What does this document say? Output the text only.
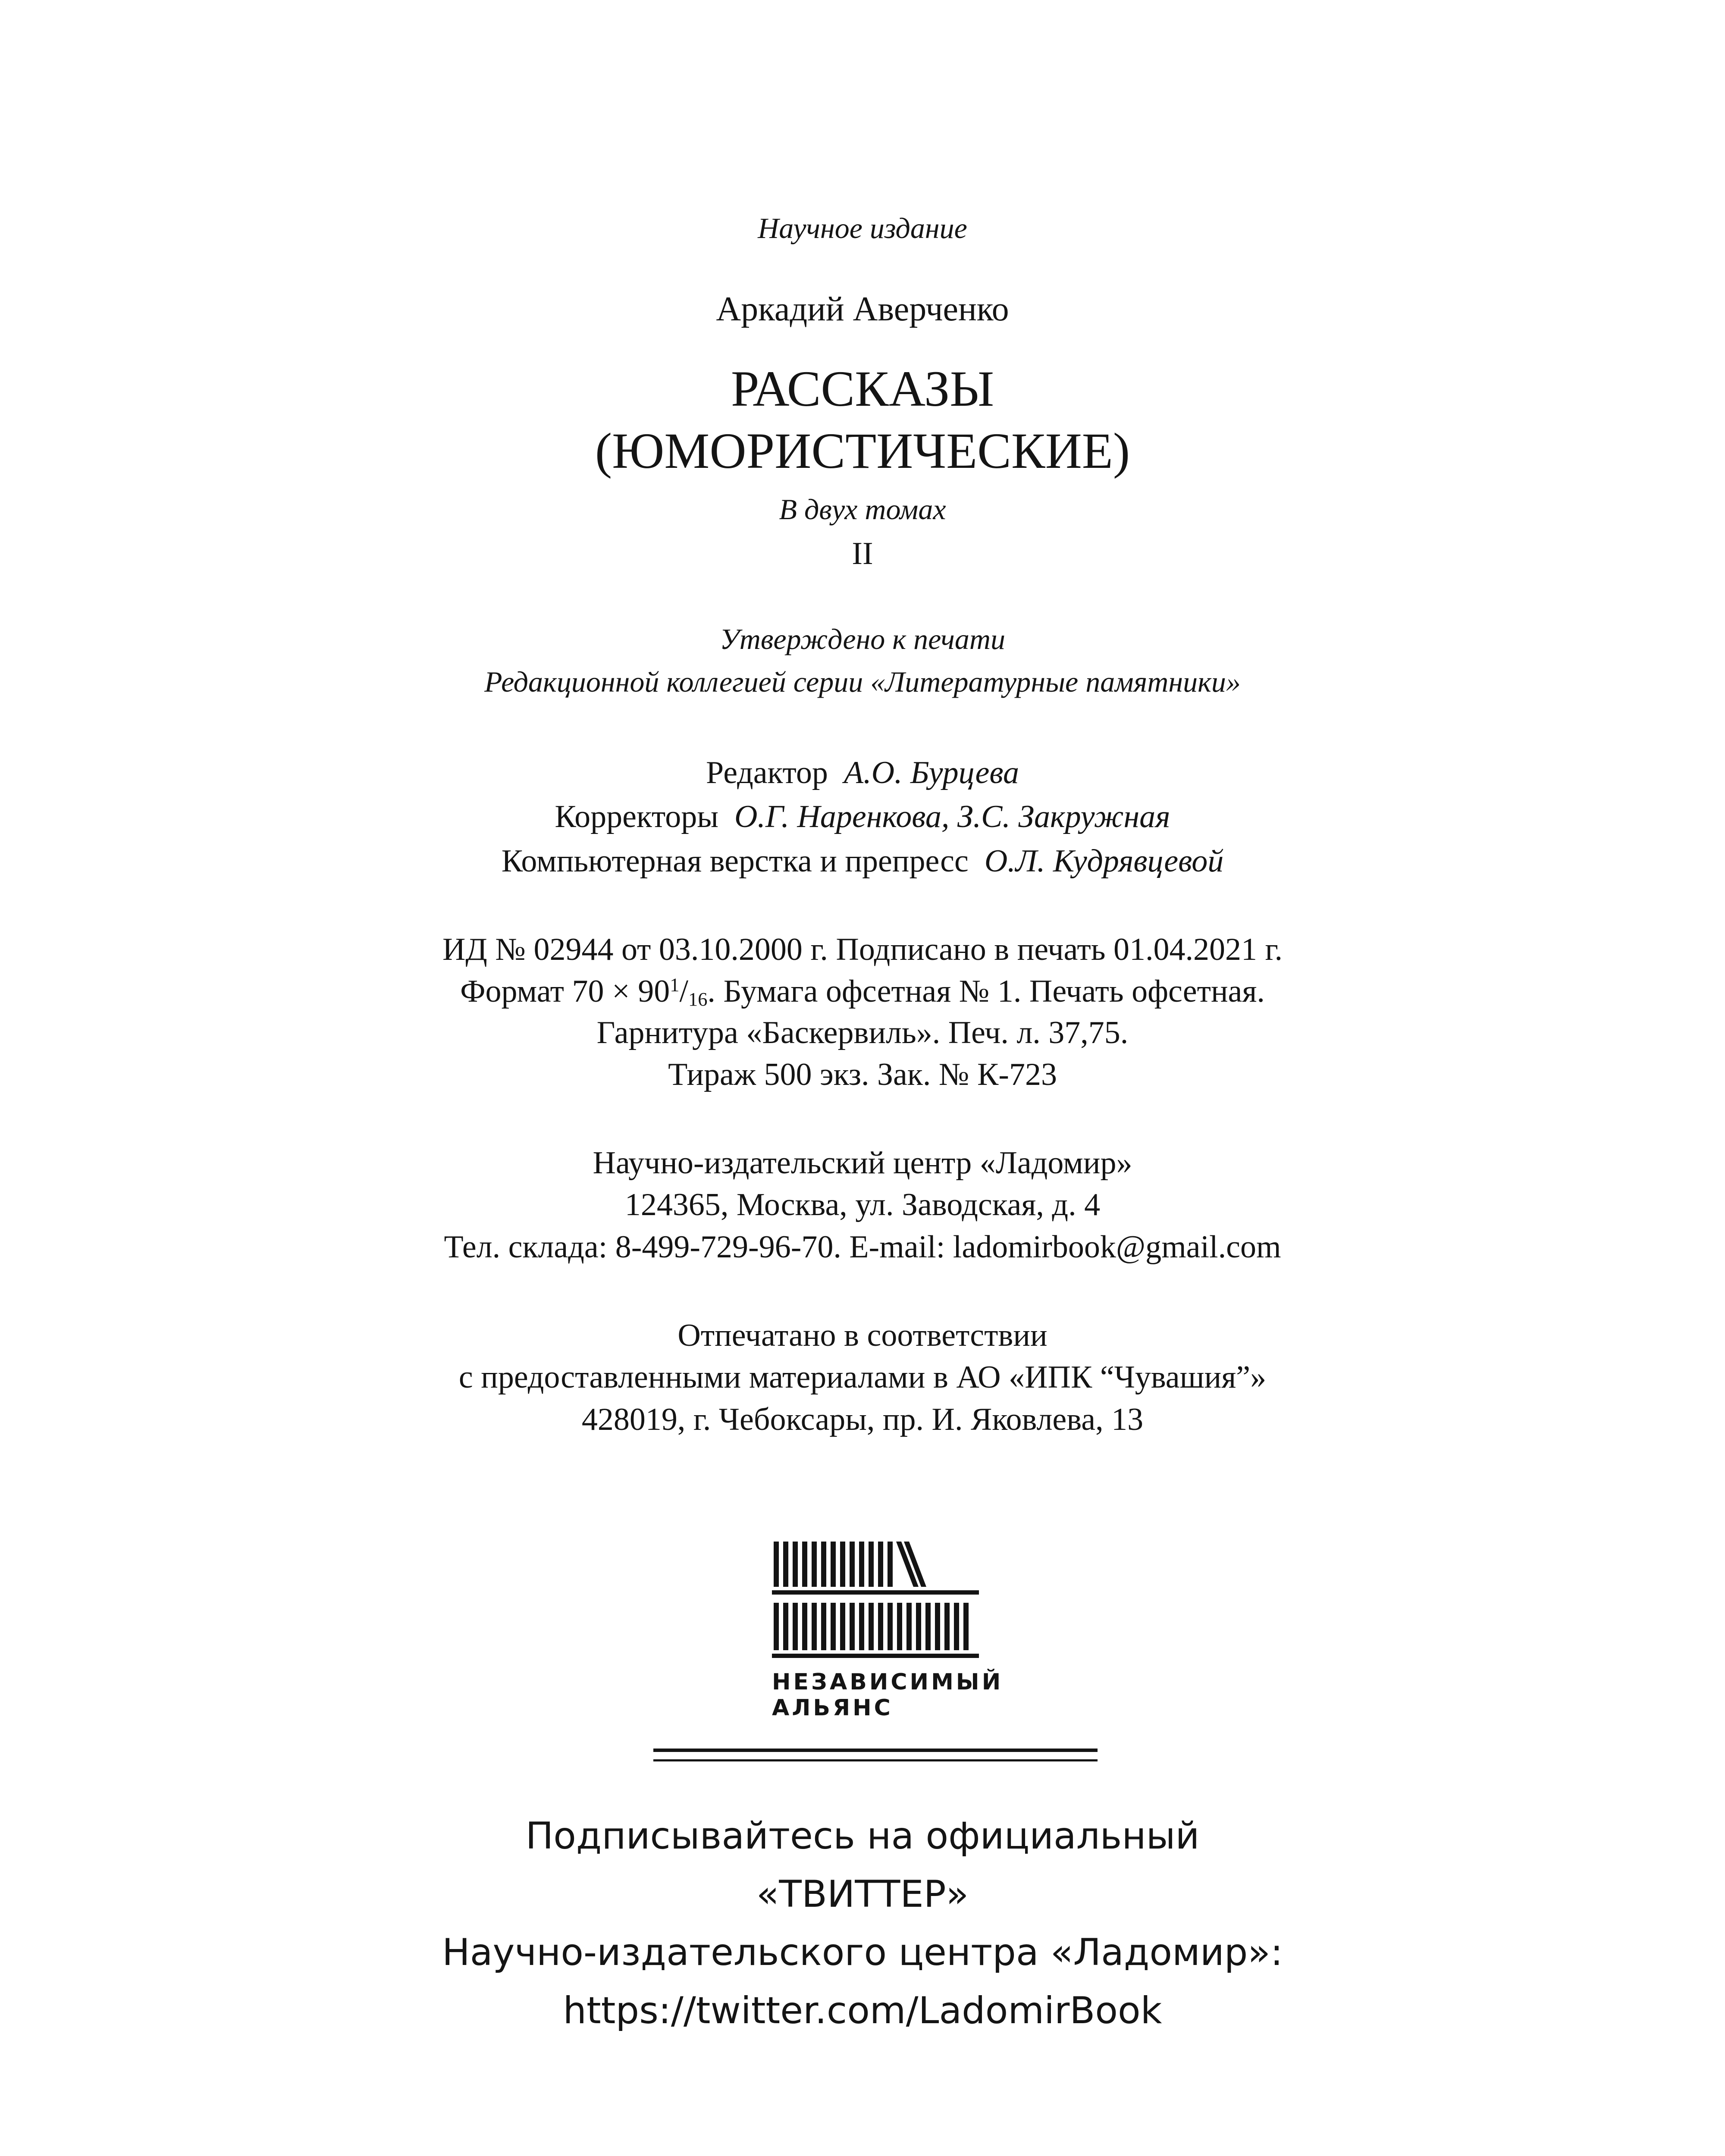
Научное издание
Аркадий Аверченко
РАССКАЗЫ
(ЮМОРИСТИЧЕСКИЕ)
В двух томах
II
Утверждено к печати
Редакционной коллегией серии «Литературные памятники»
Редактор А.О. Бурцева
Корректоры О.Г. Наренкова, З.С. Закружная
Компьютерная верстка и препресс О.Л. Кудрявцевой
ИД № 02944 от 03.10.2000 г. Подписано в печать 01.04.2021 г.
Формат $70 \times 90^1/_{16}$. Бумага офсетная № 1. Печать офсетная.
Гарнитура «Баскервиль». Печ. л. 37,75.
Тираж 500 экз. Зак. № К-723
Научно-издательский центр «Ладомир»
124365, Москва, ул. Заводская, д. 4
Тел. склада: 8-499-729-96-70. E-mail: ladomirbook@gmail.com
Отпечатано в соответствии
с предоставленными материалами в АО «ИПК “Чувашия”»
428019, г. Чебоксары, пр. И. Яковлева, 13
НЕЗАВИСИМЫЙ
АЛЬЯНС
Подписывайтесь на официальный
«ТВИТТЕР»
Научно-издательского центра «Ладомир»:
https://twitter.com/LadomirBook
